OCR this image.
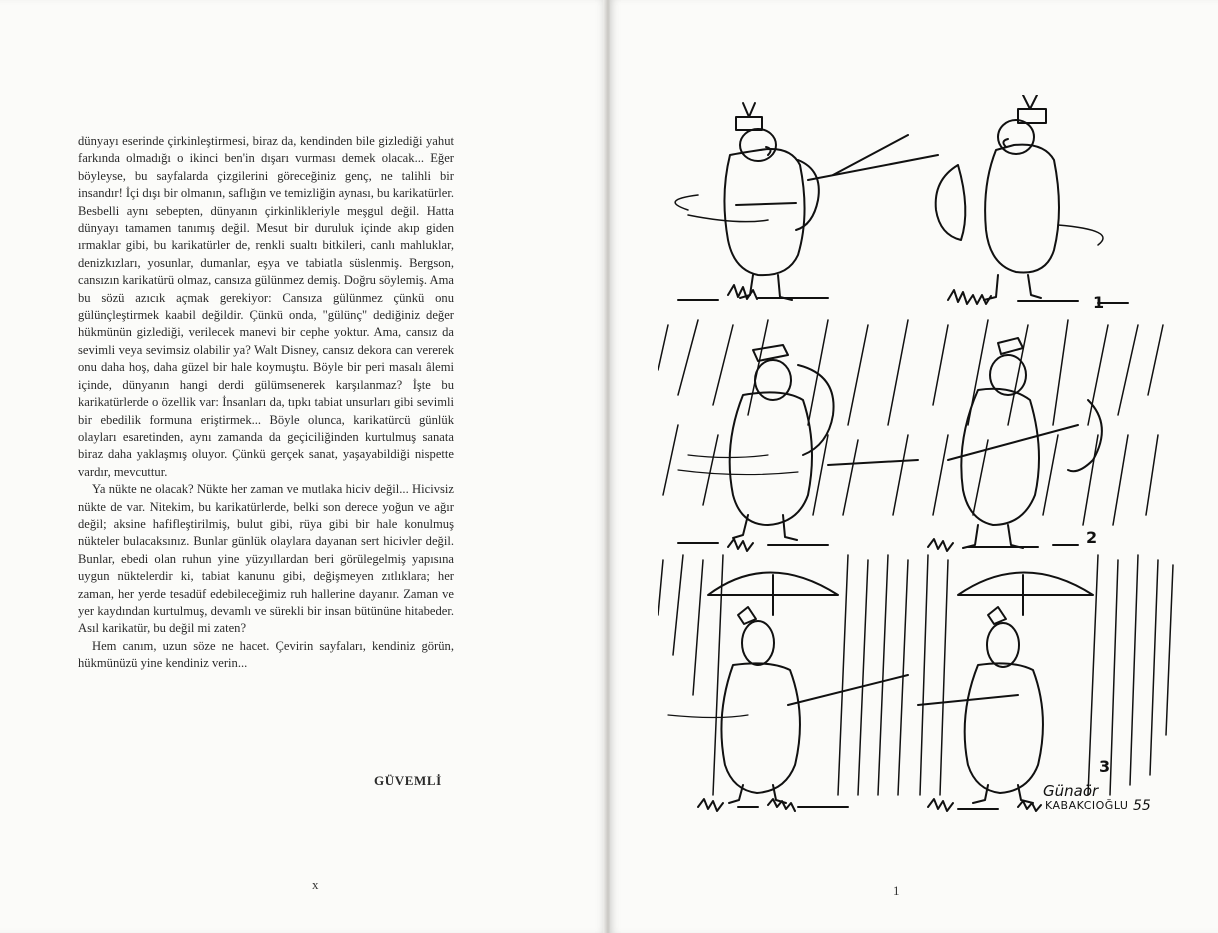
dünyayı eserinde çirkinleştirmesi, biraz da, kendinden bile gizlediği yahut farkında olmadığı o ikinci ben'in dışarı vurması demek olacak... Eğer böyleyse, bu sayfalarda çizgilerini göreceğiniz genç, ne talihli bir insandır! İçi dışı bir olmanın, saflığın ve temizliğin aynası, bu karikatürler. Besbelli aynı sebepten, dünyanın çirkinlikleriyle meşgul değil. Hatta dünyayı tamamen tanımış değil. Mesut bir duruluk içinde akıp giden ırmaklar gibi, bu karikatürler de, renkli sualtı bitkileri, canlı mahluklar, denizkızları, yosunlar, dumanlar, eşya ve tabiatla süslenmiş. Bergson, cansızın karikatürü olmaz, cansıza gülünmez demiş. Doğru söylemiş. Ama bu sözü azıcık açmak gerekiyor: Cansıza gülünmez çünkü onu gülünçleştirmek kaabil değildir. Çünkü onda, "gülünç" dediğiniz değer hükmünün gizlediği, verilecek manevi bir cephe yoktur. Ama, cansız da sevimli veya sevimsiz olabilir ya? Walt Disney, cansız dekora can vererek onu daha hoş, daha güzel bir hale koymuştu. Böyle bir peri masalı âlemi içinde, dünyanın hangi derdi gülümsenerek karşılanmaz? İşte bu karikatürlerde o özellik var: İnsanları da, tıpkı tabiat unsurları gibi sevimli bir ebedilik formuna eriştirmek... Böyle olunca, karikatürcü günlük olayları esaretinden, aynı zamanda da geçiciliğinden kurtulmuş sanata biraz daha yaklaşmış oluyor. Çünkü gerçek sanat, yaşayabildiği nispette vardır, mevcuttur.

Ya nükte ne olacak? Nükte her zaman ve mutlaka hiciv değil... Hicivsiz nükte de var. Nitekim, bu karikatürlerde, belki son derece yoğun ve ağır değil; aksine hafifleştirilmiş, bulut gibi, rüya gibi bir hale konulmuş nükteler bulacaksınız. Bunlar günlük olaylara dayanan sert hicivler değil. Bunlar, ebedi olan ruhun yine yüzyıllardan beri görülegelmiş yapısına uygun nüktelerdir ki, tabiat kanunu gibi, değişmeyen zıtlıklara; her zaman, her yerde tesadüf edebileceğimiz ruh hallerine dayanır. Zaman ve yer kaydından kurtulmuş, devamlı ve sürekli bir insan bütününe hitabeder. Asıl karikatür, bu değil mi zaten?

Hem canım, uzun söze ne hacet. Çevirin sayfaları, kendiniz görün, hükmünüzü yine kendiniz verin...

GÜVEMLİ
x	1
1
2
3
Günaör
KABAKCIOĞLU 55
